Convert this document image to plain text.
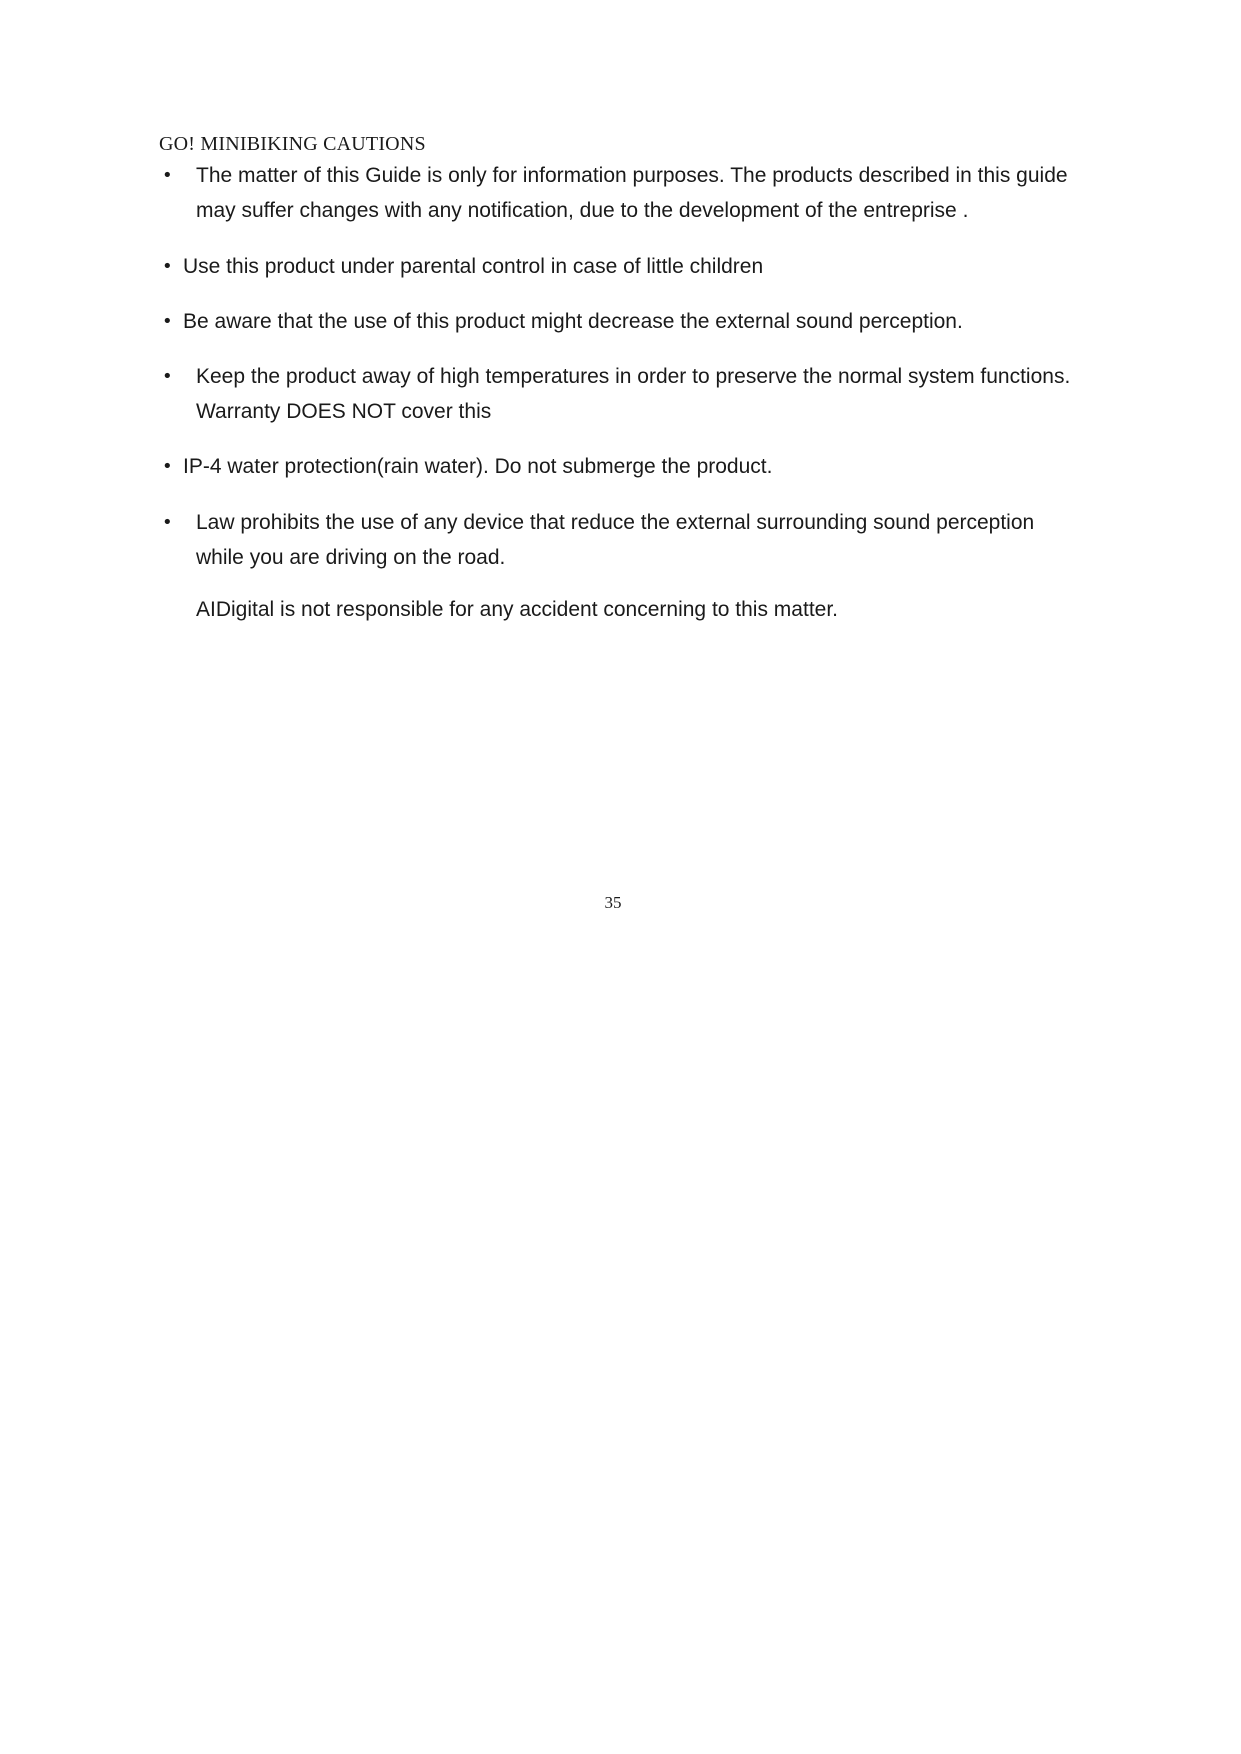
GO! MINIBIKING CAUTIONS
• The matter of this Guide is only for information purposes. The products described in this guide may suffer changes with any notification, due to the development of the entreprise .
• Use this product under parental control in case of little children
• Be aware that the use of this product might decrease the external sound perception.
• Keep the product away of high temperatures in order to preserve the normal system functions. Warranty DOES NOT cover this
• IP-4 water protection(rain water). Do not submerge the product.
• Law prohibits the use of any device that reduce the external surrounding sound perception while you are driving on the road.
AIDigital is not responsible for any accident concerning to this matter.
35
